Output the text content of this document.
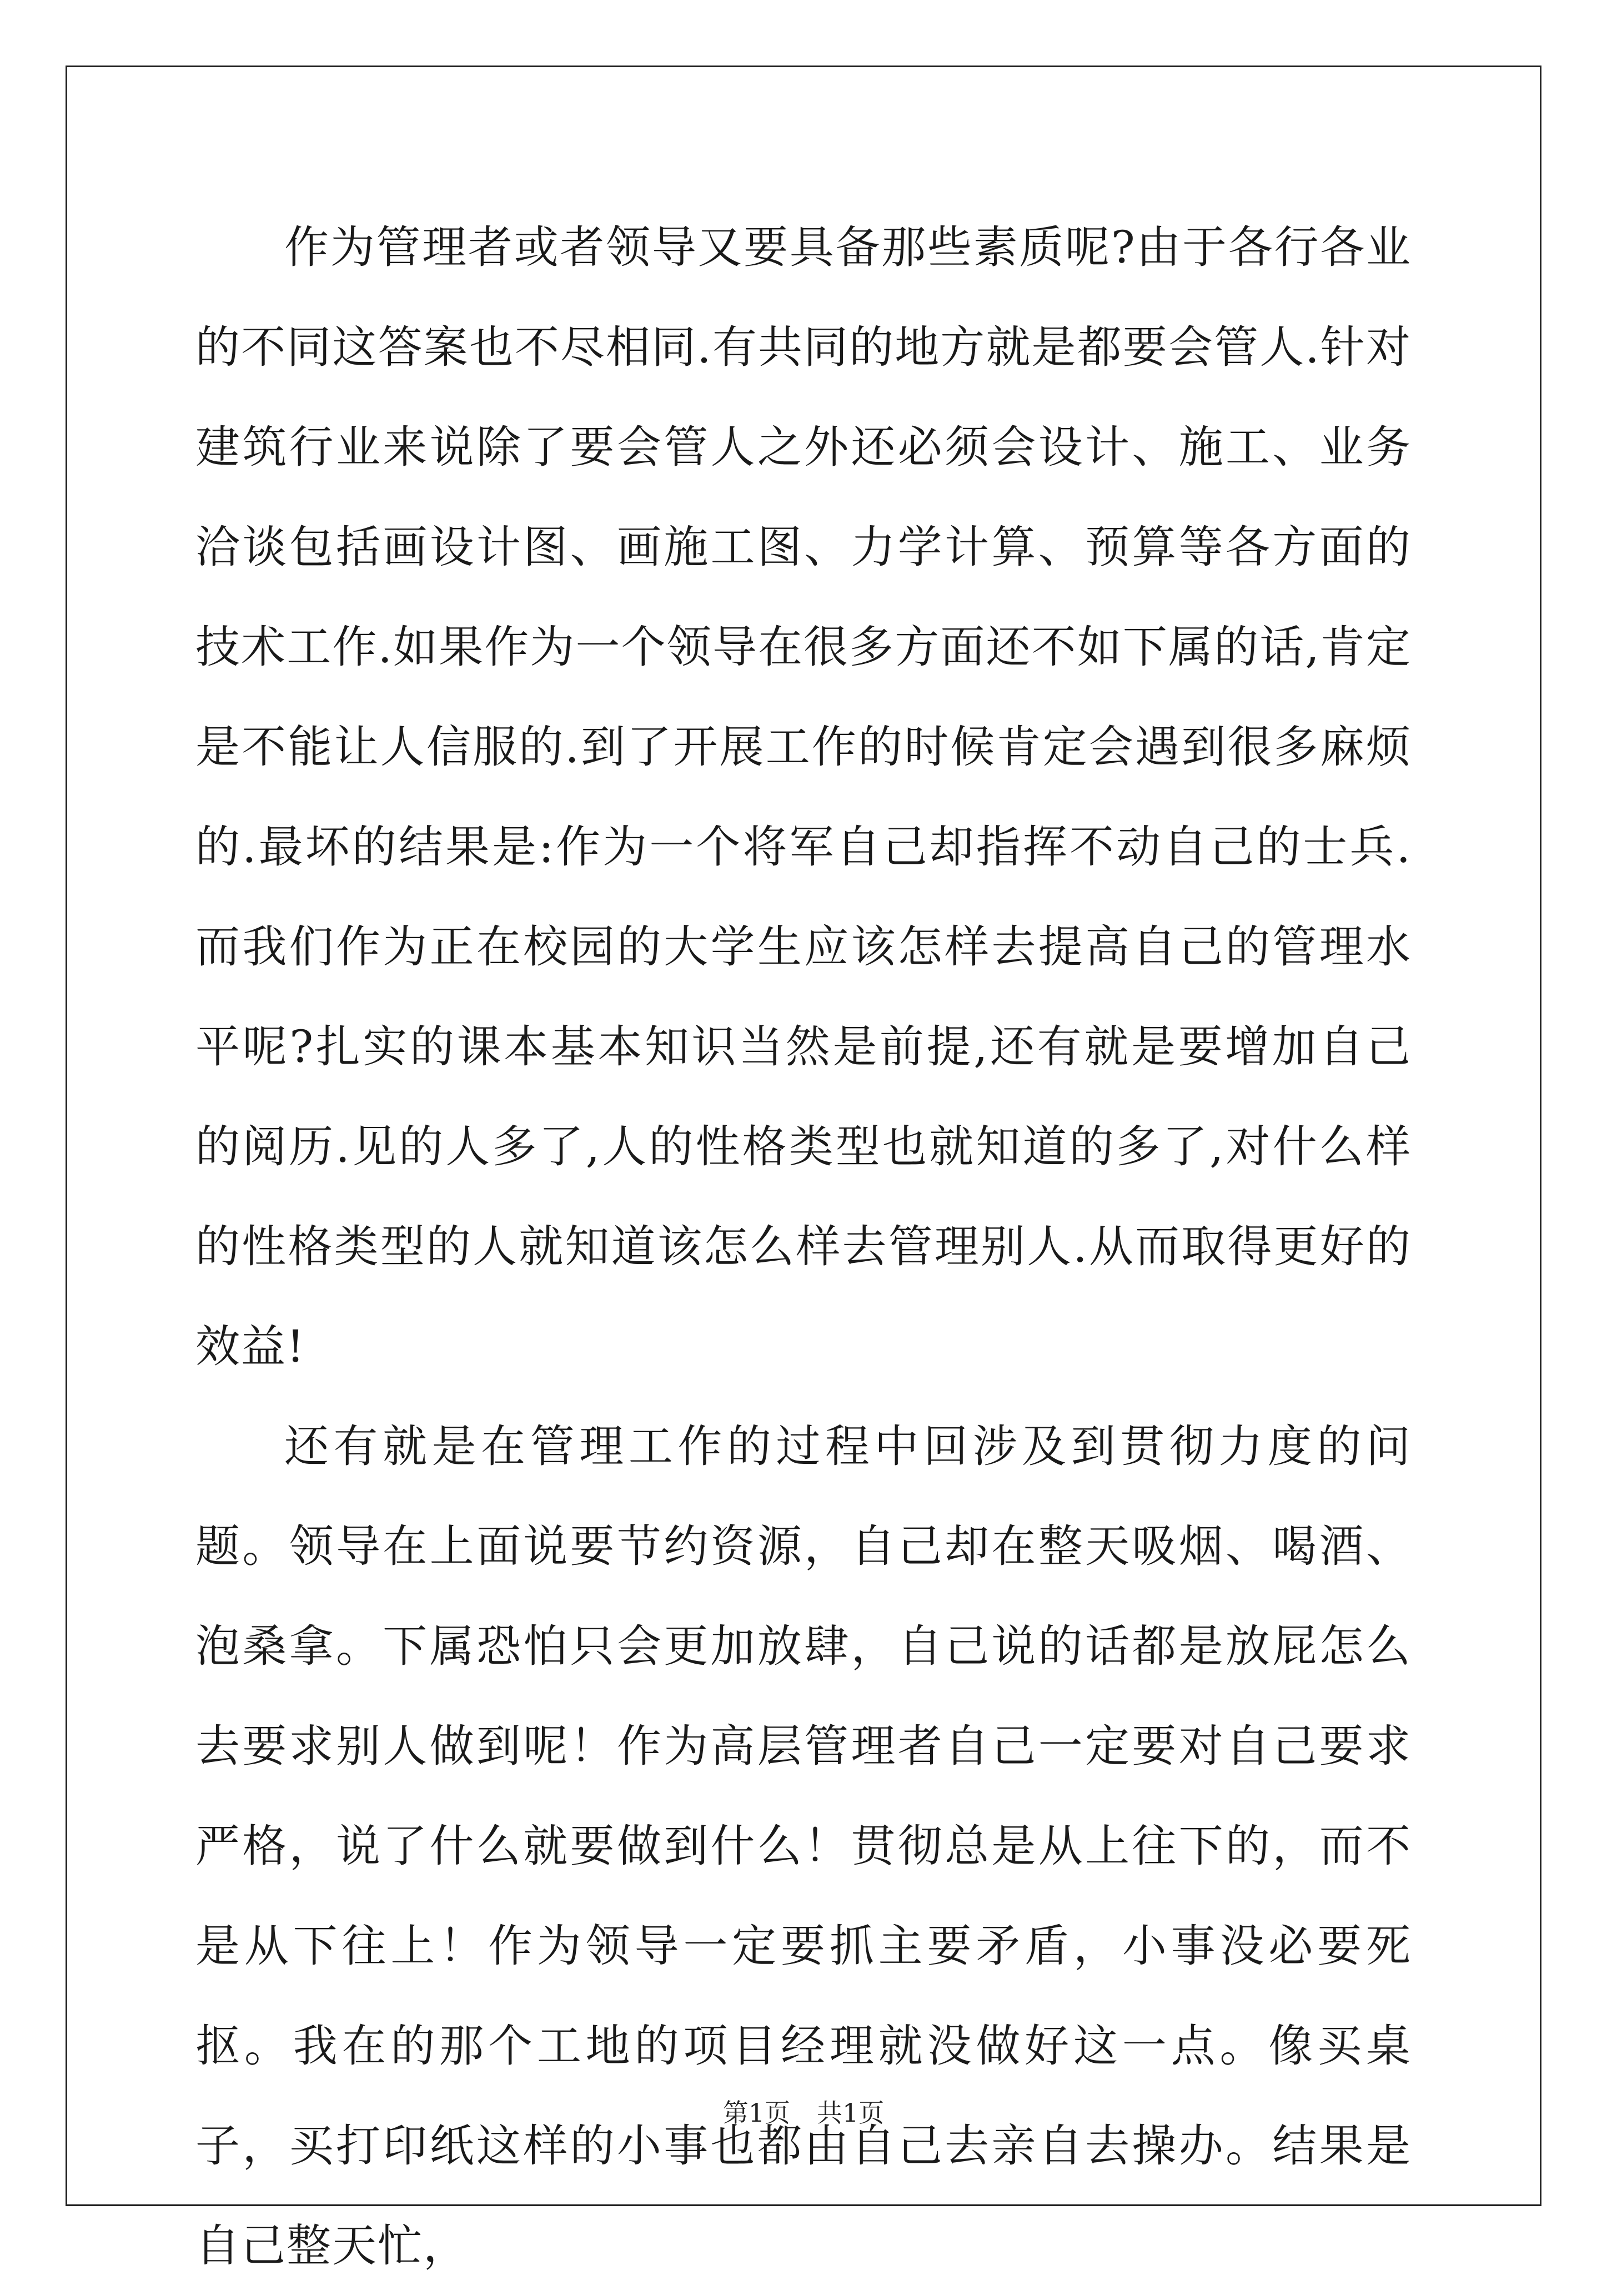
作为管理者或者领导又要具备那些素质呢?由于各行各业的不同这答案也不尽相同.有共同的地方就是都要会管人.针对建筑行业来说除了要会管人之外还必须会设计、施工、业务洽谈包括画设计图、画施工图、力学计算、预算等各方面的技术工作.如果作为一个领导在很多方面还不如下属的话,肯定是不能让人信服的.到了开展工作的时候肯定会遇到很多麻烦的.最坏的结果是:作为一个将军自己却指挥不动自己的士兵.而我们作为正在校园的大学生应该怎样去提高自己的管理水平呢?扎实的课本基本知识当然是前提,还有就是要增加自己的阅历.见的人多了,人的性格类型也就知道的多了,对什么样的性格类型的人就知道该怎么样去管理别人.从而取得更好的效益!

还有就是在管理工作的过程中回涉及到贯彻力度的问题。领导在上面说要节约资源，自己却在整天吸烟、喝酒、泡桑拿。下属恐怕只会更加放肆，自己说的话都是放屁怎么去要求别人做到呢！作为高层管理者自己一定要对自己要求严格，说了什么就要做到什么！贯彻总是从上往下的，而不是从下往上！作为领导一定要抓主要矛盾，小事没必要死抠。我在的那个工地的项目经理就没做好这一点。像买桌子，买打印纸这样的小事也都由自己去亲自去操办。结果是自己整天忙，

第1页 共1页
